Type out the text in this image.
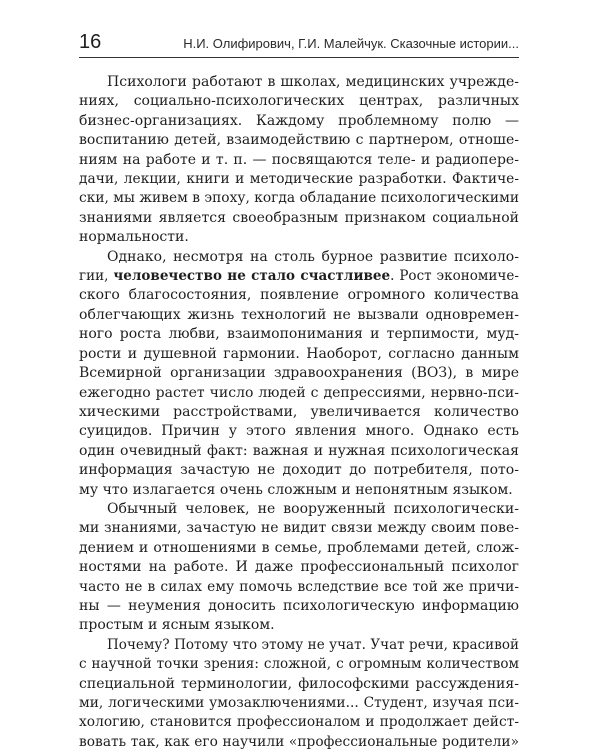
16	Н.И. Олифирович, Г.И. Малейчук. Сказочные истории...

Психологи работают в школах, медицинских учрежде-
ниях, социально-психологических центрах, различных
бизнес-организациях. Каждому проблемному полю —
воспитанию детей, взаимодействию с партнером, отноше-
ниям на работе и т. п. — посвящаются теле- и радиопере-
дачи, лекции, книги и методические разработки. Фактиче-
ски, мы живем в эпоху, когда обладание психологическими
знаниями является своеобразным признаком социальной
нормальности.

Однако, несмотря на столь бурное развитие психоло-
гии, человечество не стало счастливее. Рост экономиче-
ского благосостояния, появление огромного количества
облегчающих жизнь технологий не вызвали одновремен-
ного роста любви, взаимопонимания и терпимости, муд-
рости и душевной гармонии. Наоборот, согласно данным
Всемирной организации здравоохранения (ВОЗ), в мире
ежегодно растет число людей с депрессиями, нервно-пси-
хическими расстройствами, увеличивается количество
суицидов. Причин у этого явления много. Однако есть
один очевидный факт: важная и нужная психологическая
информация зачастую не доходит до потребителя, пото-
му что излагается очень сложным и непонятным языком.

Обычный человек, не вооруженный психологически-
ми знаниями, зачастую не видит связи между своим пове-
дением и отношениями в семье, проблемами детей, слож-
ностями на работе. И даже профессиональный психолог
часто не в силах ему помочь вследствие все той же причи-
ны — неумения доносить психологическую информацию
простым и ясным языком.

Почему? Потому что этому не учат. Учат речи, красивой
с научной точки зрения: сложной, с огромным количеством
специальной терминологии, философскими рассуждения-
ми, логическими умозаключениями... Студент, изучая пси-
хологию, становится профессионалом и продолжает дейст-
вовать так, как его научили «профессиональные родители»
